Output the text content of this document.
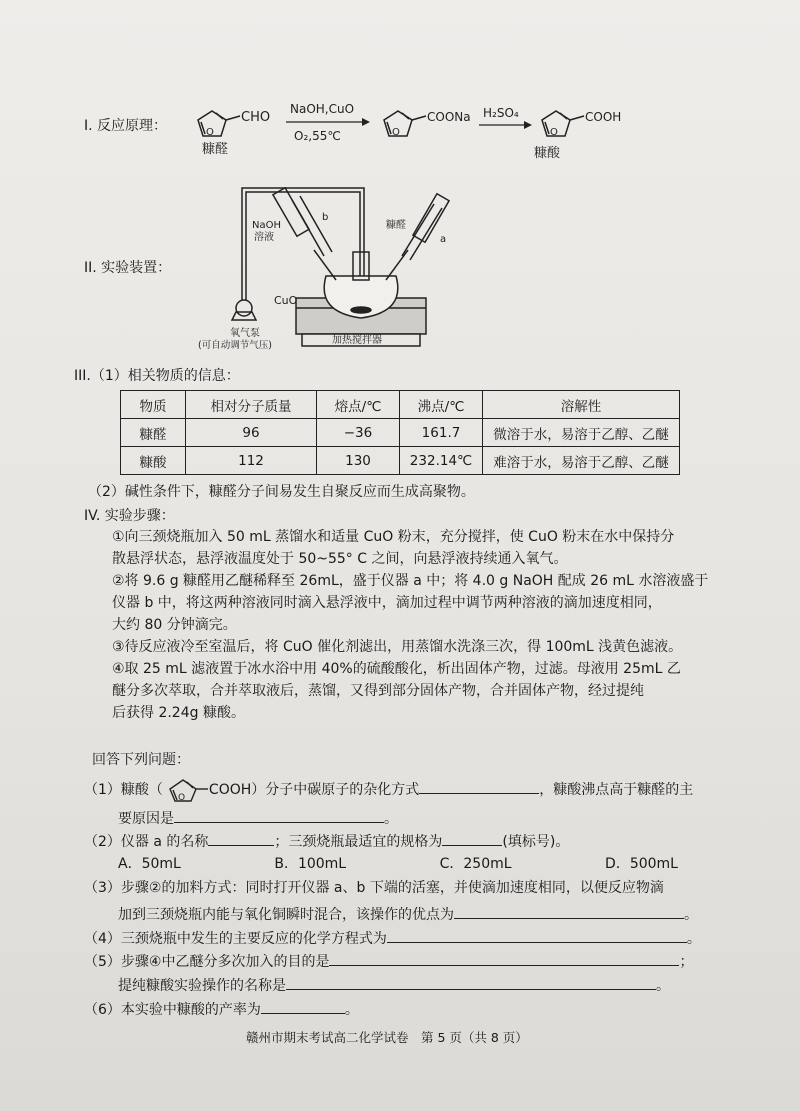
I. 反应原理：	O
CHO
糠醛
NaOH,CuO
O₂,55℃	O
COONa H₂SO₄
O
COOH
糠酸
II. 实验装置：
NaOH
溶液
b
糠醛
a
CuO
氧气泵
(可自动调节气压)	加热搅拌器
III.（1）相关物质的信息：
物质	相对分子质量	熔点/℃	沸点/℃	溶解性
糠醛	96	−36	161.7	微溶于水，易溶于乙醇、乙醚
糠酸	112	130	232.14℃	难溶于水，易溶于乙醇、乙醚
（2）碱性条件下，糠醛分子间易发生自聚反应而生成高聚物。
IV. 实验步骤：
①向三颈烧瓶加入 50 mL 蒸馏水和适量 CuO 粉末，充分搅拌，使 CuO 粉末在水中保持分
散悬浮状态，悬浮液温度处于 50~55° C 之间，向悬浮液持续通入氧气。
②将 9.6 g 糠醛用乙醚稀释至 26mL，盛于仪器 a 中；将 4.0 g NaOH 配成 26 mL 水溶液盛于
仪器 b 中，将这两种溶液同时滴入悬浮液中，滴加过程中调节两种溶液的滴加速度相同，
大约 80 分钟滴完。
③待反应液冷至室温后，将 CuO 催化剂滤出，用蒸馏水洗涤三次，得 100mL 浅黄色滤液。
④取 25 mL 滤液置于冰水浴中用 40%的硫酸酸化，析出固体产物，过滤。母液用 25mL 乙
醚分多次萃取，合并萃取液后，蒸馏，又得到部分固体产物，合并固体产物，经过提纯
后获得 2.24g 糠酸。
回答下列问题：
（1）糠酸（ O COOH）分子中碳原子的杂化方式	，糠酸沸点高于糠醛的主
要原因是	。
（2）仪器 a 的名称	；三颈烧瓶最适宜的规格为	(填标号)。
A．50mL	B．100mL	C．250mL	D．500mL
（3）步骤②的加料方式：同时打开仪器 a、b 下端的活塞，并使滴加速度相同，以便反应物滴
加到三颈烧瓶内能与氧化铜瞬时混合，该操作的优点为	。
（4）三颈烧瓶中发生的主要反应的化学方程式为	。
（5）步骤④中乙醚分多次加入的目的是	；
提纯糠酸实验操作的名称是	。
（6）本实验中糠酸的产率为	。
赣州市期末考试高二化学试卷　第 5 页（共 8 页）
